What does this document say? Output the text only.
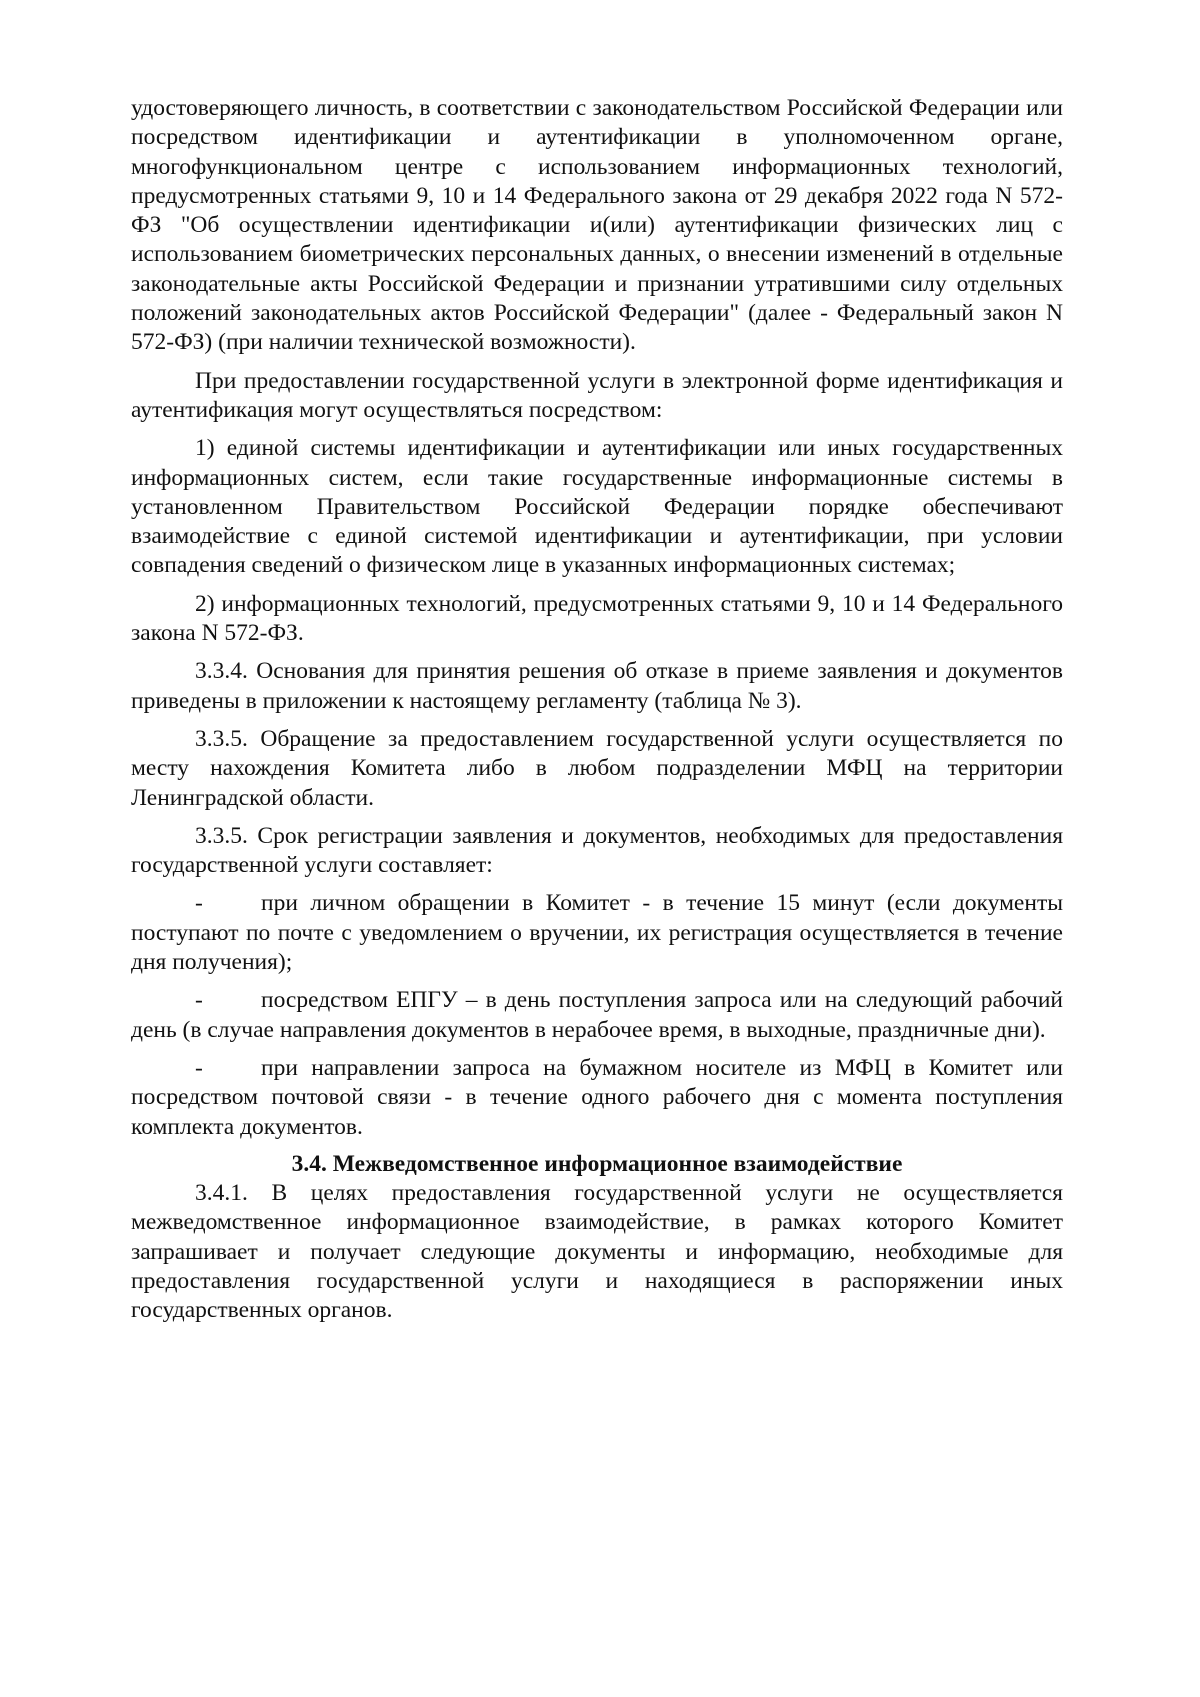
удостоверяющего личность, в соответствии с законодательством Российской Федерации или посредством идентификации и аутентификации в уполномоченном органе, многофункциональном центре с использованием информационных технологий, предусмотренных статьями 9, 10 и 14 Федерального закона от 29 декабря 2022 года N 572-ФЗ "Об осуществлении идентификации и(или) аутентификации физических лиц с использованием биометрических персональных данных, о внесении изменений в отдельные законодательные акты Российской Федерации и признании утратившими силу отдельных положений законодательных актов Российской Федерации" (далее - Федеральный закон N 572-ФЗ) (при наличии технической возможности).

При предоставлении государственной услуги в электронной форме идентификация и аутентификация могут осуществляться посредством:

1) единой системы идентификации и аутентификации или иных государственных информационных систем, если такие государственные информационные системы в установленном Правительством Российской Федерации порядке обеспечивают взаимодействие с единой системой идентификации и аутентификации, при условии совпадения сведений о физическом лице в указанных информационных системах;

2) информационных технологий, предусмотренных статьями 9, 10 и 14 Федерального закона N 572-ФЗ.

3.3.4. Основания для принятия решения об отказе в приеме заявления и документов приведены в приложении к настоящему регламенту (таблица № 3).

3.3.5. Обращение за предоставлением государственной услуги осуществляется по месту нахождения Комитета либо в любом подразделении МФЦ на территории Ленинградской области.

3.3.5. Срок регистрации заявления и документов, необходимых для предоставления государственной услуги составляет:

- при личном обращении в Комитет - в течение 15 минут (если документы поступают по почте с уведомлением о вручении, их регистрация осуществляется в течение дня получения);

- посредством ЕПГУ – в день поступления запроса или на следующий рабочий день (в случае направления документов в нерабочее время, в выходные, праздничные дни).

- при направлении запроса на бумажном носителе из МФЦ в Комитет или посредством почтовой связи - в течение одного рабочего дня с момента поступления комплекта документов.

3.4. Межведомственное информационное взаимодействие

3.4.1. В целях предоставления государственной услуги не осуществляется межведомственное информационное взаимодействие, в рамках которого Комитет запрашивает и получает следующие документы и информацию, необходимые для предоставления государственной услуги и находящиеся в распоряжении иных государственных органов.
